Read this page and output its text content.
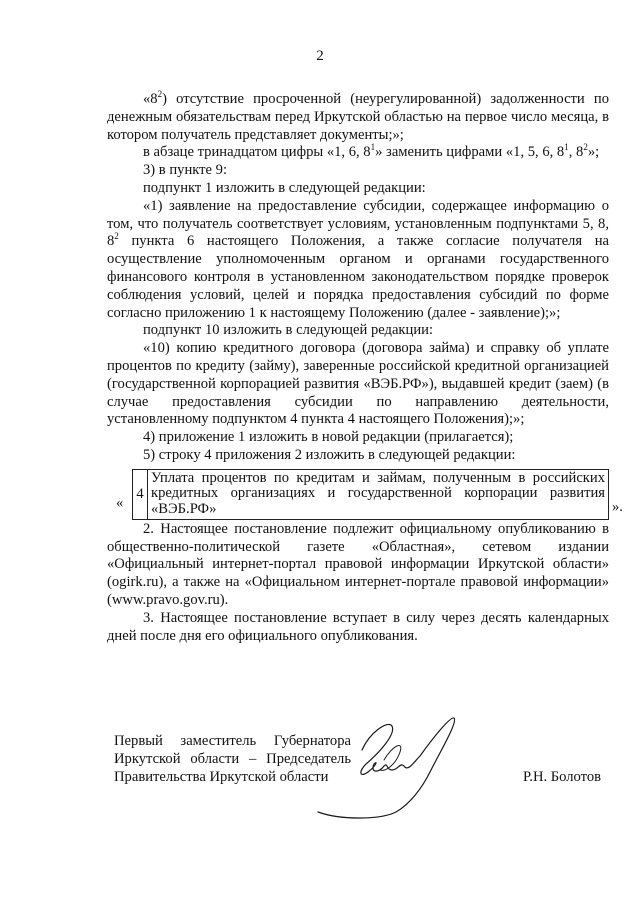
2

«$8^2$) отсутствие просроченной (неурегулированной) задолженности по денежным обязательствам перед Иркутской областью на первое число месяца, в котором получатель представляет документы;»;

в абзаце тринадцатом цифры «1, 6, $8^1$» заменить цифрами «1, 5, 6, $8^1$, $8^2$»;

3) в пункте 9:

подпункт 1 изложить в следующей редакции:

«1) заявление на предоставление субсидии, содержащее информацию о том, что получатель соответствует условиям, установленным подпунктами 5, 8, $8^2$ пункта 6 настоящего Положения, а также согласие получателя на осуществление уполномоченным органом и органами государственного финансового контроля в установленном законодательством порядке проверок соблюдения условий, целей и порядка предоставления субсидий по форме согласно приложению 1 к настоящему Положению (далее - заявление);»;

подпункт 10 изложить в следующей редакции:

«10) копию кредитного договора (договора займа) и справку об уплате процентов по кредиту (займу), заверенные российской кредитной организацией (государственной корпорацией развития «ВЭБ.РФ»), выдавшей кредит (заем) (в случае предоставления субсидии по направлению деятельности, установленному подпунктом 4 пункта 4 настоящего Положения);»;

4) приложение 1 изложить в новой редакции (прилагается);

5) строку 4 приложения 2 изложить в следующей редакции:

«
4	Уплата процентов по кредитам и займам, полученным в российских кредитных организациях и государственной корпорации развития «ВЭБ.РФ»	».

2. Настоящее постановление подлежит официальному опубликованию в общественно-политической газете «Областная», сетевом издании «Официальный интернет-портал правовой информации Иркутской области» (ogirk.ru), а также на «Официальном интернет-портале правовой информации» (www.pravo.gov.ru).

3. Настоящее постановление вступает в силу через десять календарных дней после дня его официального опубликования.

Первый заместитель Губернатора
Иркутской области – Председатель
Правительства Иркутской области	Р.Н. Болотов
